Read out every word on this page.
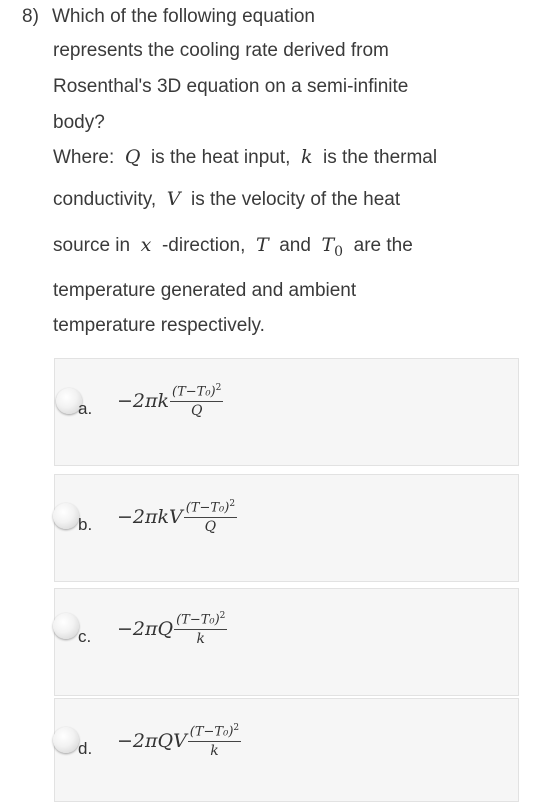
8) Which of the following equation
represents the cooling rate derived from
Rosenthal's 3D equation on a semi-infinite
body?
Where: Q is the heat input, k is the thermal
conductivity, V is the velocity of the heat
source in x -direction, T and $T_0$ are the
temperature generated and ambient
temperature respectively.
a. $-2\pi k \frac{(T-T_0)^2}{Q}$
b. $-2\pi kV \frac{(T-T_0)^2}{Q}$
c. $-2\pi Q \frac{(T-T_0)^2}{k}$
d. $-2\pi QV \frac{(T-T_0)^2}{k}$
